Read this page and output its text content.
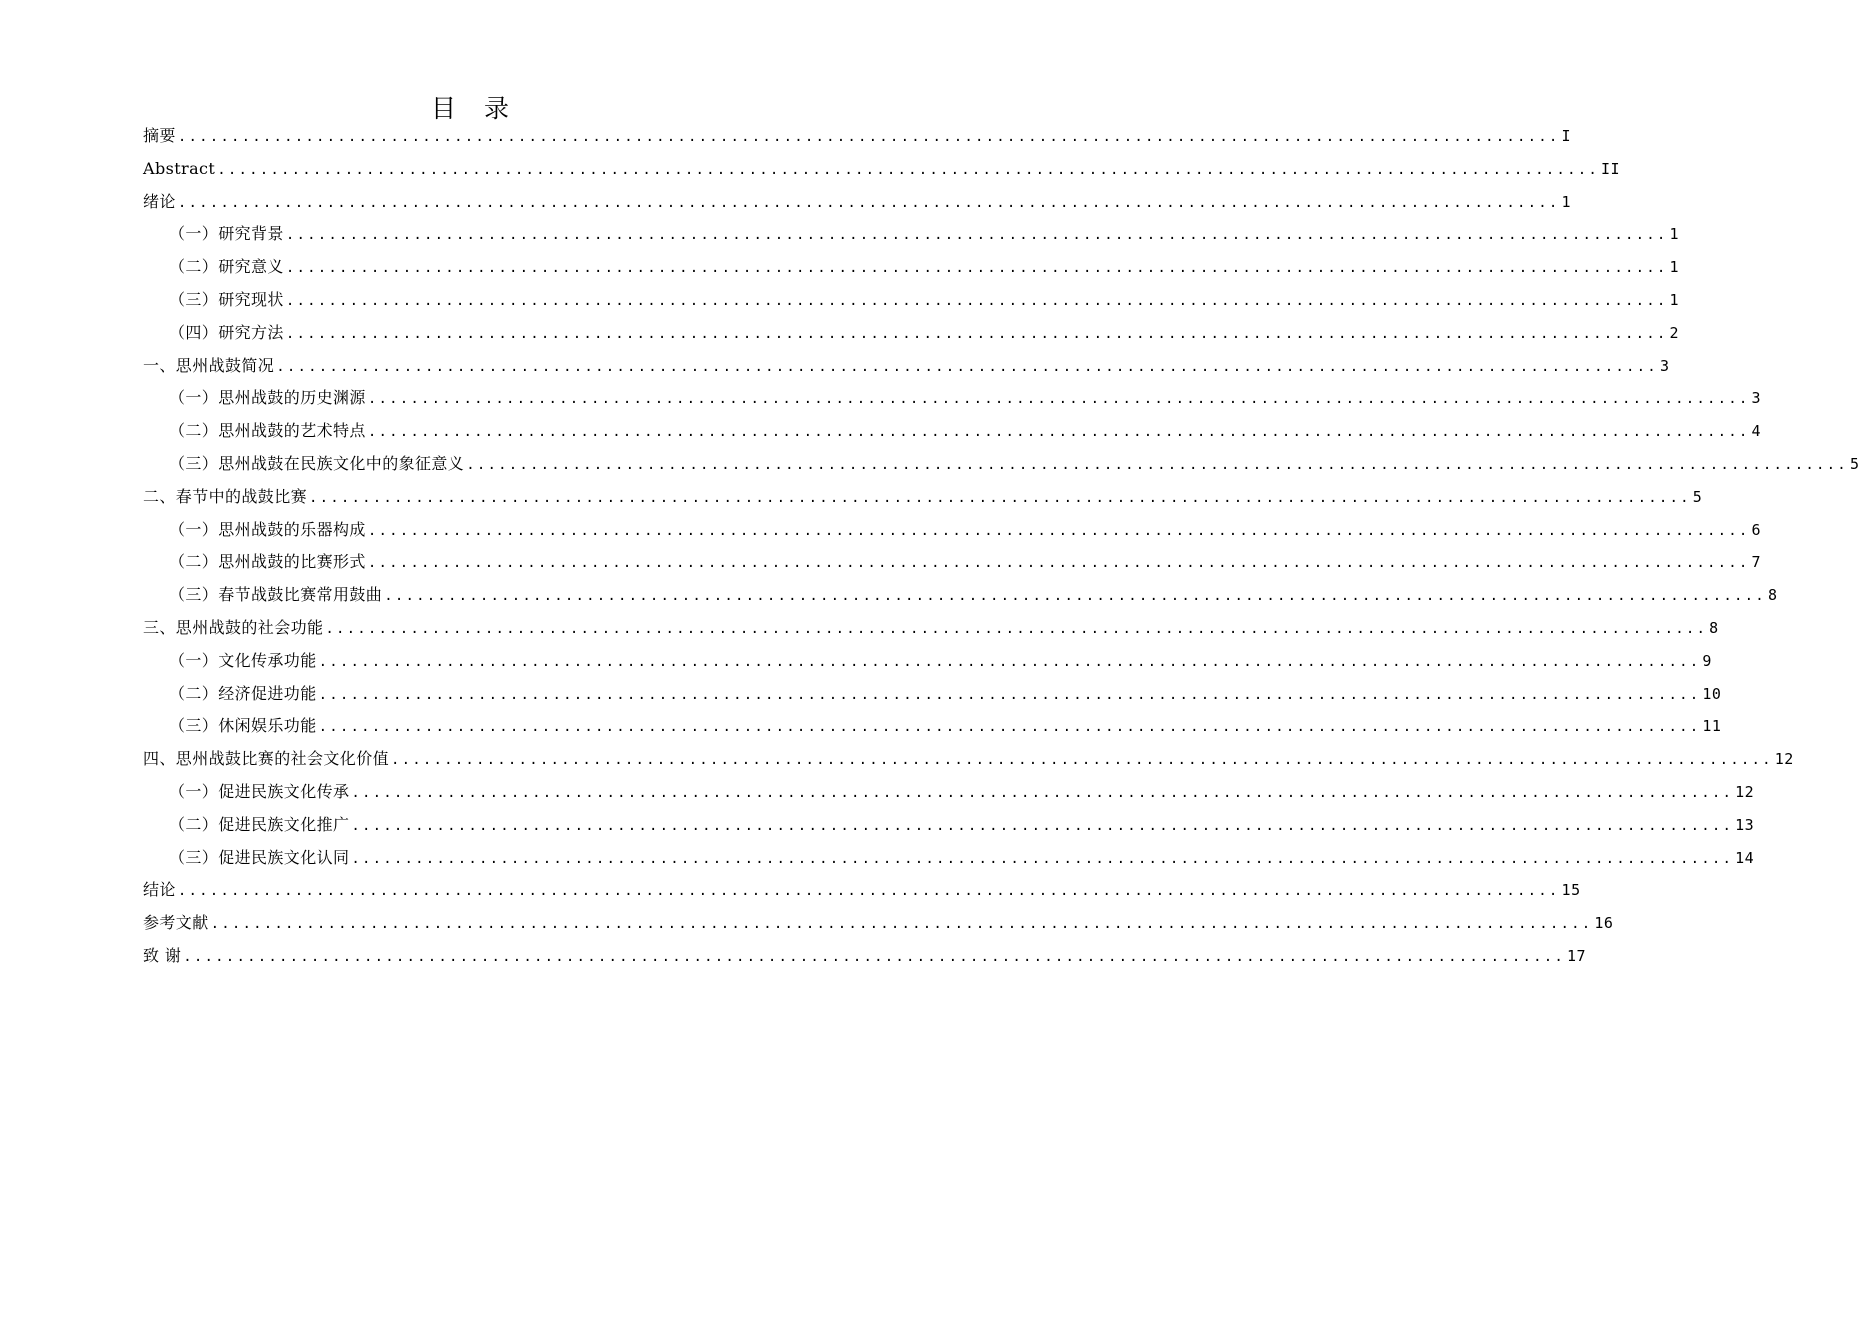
目 录
摘要 .................................................................................................................................. I
Abstract .................................................................................................................................. II
绪论 .................................................................................................................................. 1
（一）研究背景 .................................................................................................................................. 1
（二）研究意义 .................................................................................................................................. 1
（三）研究现状 .................................................................................................................................. 1
（四）研究方法 .................................................................................................................................. 2
一、思州战鼓简况 .................................................................................................................................. 3
（一）思州战鼓的历史渊源 .................................................................................................................................. 3
（二）思州战鼓的艺术特点 .................................................................................................................................. 4
（三）思州战鼓在民族文化中的象征意义 .................................................................................................................................. 5
二、春节中的战鼓比赛 .................................................................................................................................. 5
（一）思州战鼓的乐器构成 .................................................................................................................................. 6
（二）思州战鼓的比赛形式 .................................................................................................................................. 7
（三）春节战鼓比赛常用鼓曲 .................................................................................................................................. 8
三、思州战鼓的社会功能 .................................................................................................................................. 8
（一）文化传承功能 .................................................................................................................................. 9
（二）经济促进功能 .................................................................................................................................. 10
（三）休闲娱乐功能 .................................................................................................................................. 11
四、思州战鼓比赛的社会文化价值 .................................................................................................................................. 12
（一）促进民族文化传承 .................................................................................................................................. 12
（二）促进民族文化推广 .................................................................................................................................. 13
（三）促进民族文化认同 .................................................................................................................................. 14
结论 .................................................................................................................................. 15
参考文献 .................................................................................................................................. 16
致 谢 .................................................................................................................................. 17
